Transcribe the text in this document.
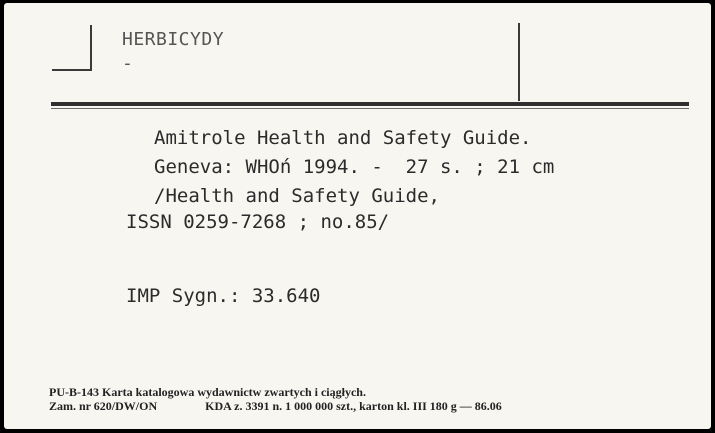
HERBICYDY
-
Amitrole Health and Safety Guide.
Geneva: WHOń 1994. -  27 s. ; 21 cm
/Health and Safety Guide,
ISSN 0259-7268 ; no.85/
IMP Sygn.: 33.640
PU-B-143 Karta katalogowa wydawnictw zwartych i ciągłych.
Zam. nr 620/DW/ON	KDA z. 3391 n. 1 000 000 szt., karton kl. III 180 g — 86.06
